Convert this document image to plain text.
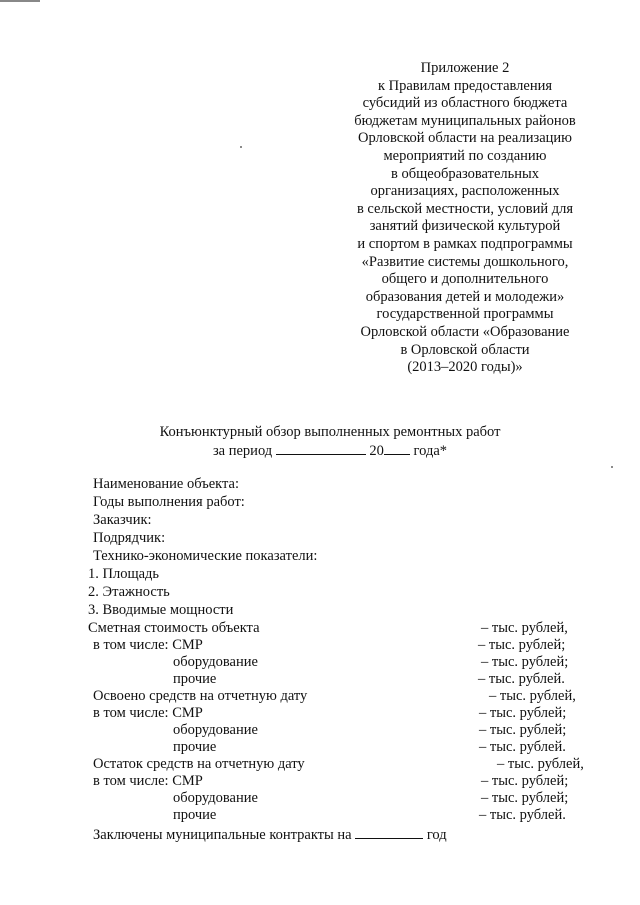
Приложение 2
к Правилам предоставления
субсидий из областного бюджета
бюджетам муниципальных районов
Орловской области на реализацию
мероприятий по созданию
в общеобразовательных
организациях, расположенных
в сельской местности, условий для
занятий физической культурой
и спортом в рамках подпрограммы
«Развитие системы дошкольного,
общего и дополнительного
образования детей и молодежи»
государственной программы
Орловской области «Образование
в Орловской области
(2013–2020 годы)»
Конъюнктурный обзор выполненных ремонтных работ
за период	20 года*
Наименование объекта:
Годы выполнения работ:
Заказчик:
Подрядчик:
Технико-экономические показатели:
1. Площадь
2. Этажность
3. Вводимые мощности
Сметная стоимость объекта	– тыс. рублей,
в том числе: СМР	– тыс. рублей;
оборудование	– тыс. рублей;
прочие	– тыс. рублей.
Освоено средств на отчетную дату	– тыс. рублей,
в том числе: СМР	– тыс. рублей;
оборудование	– тыс. рублей;
прочие	– тыс. рублей.
Остаток средств на отчетную дату	– тыс. рублей,
в том числе: СМР	– тыс. рублей;
оборудование	– тыс. рублей;
прочие	– тыс. рублей.
Заключены муниципальные контракты на	год
